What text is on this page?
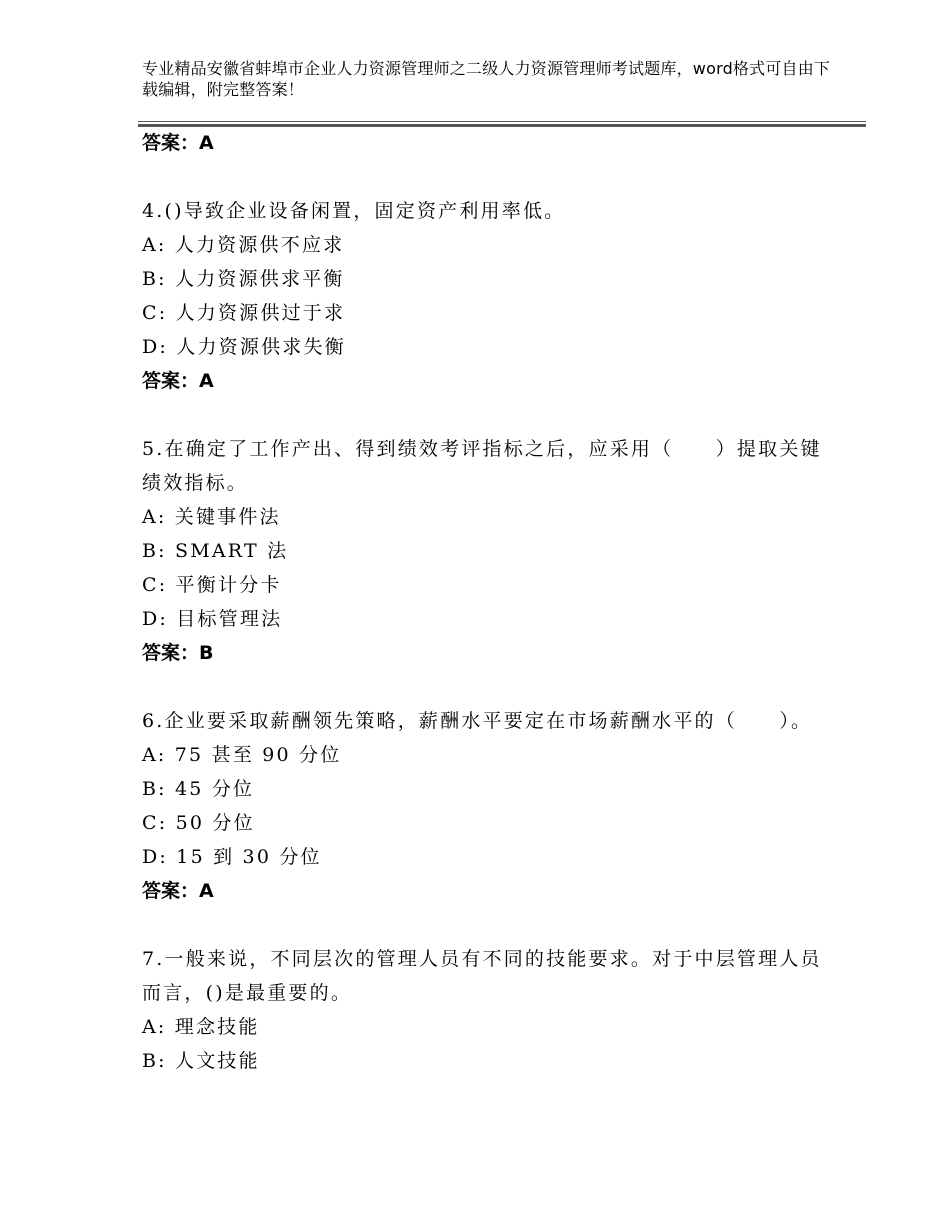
专业精品安徽省蚌埠市企业人力资源管理师之二级人力资源管理师考试题库，word格式可自由下载编辑，附完整答案！
答案：A
4.()导致企业设备闲置，固定资产利用率低。
A: 人力资源供不应求
B: 人力资源供求平衡
C: 人力资源供过于求
D: 人力资源供求失衡
答案：A
5.在确定了工作产出、得到绩效考评指标之后，应采用（　　）提取关键绩效指标。
A: 关键事件法
B: SMART 法
C: 平衡计分卡
D: 目标管理法
答案：B
6.企业要采取薪酬领先策略，薪酬水平要定在市场薪酬水平的（　　）。
A: 75 甚至 90 分位
B: 45 分位
C: 50 分位
D: 15 到 30 分位
答案：A
7.一般来说，不同层次的管理人员有不同的技能要求。对于中层管理人员而言，()是最重要的。
A: 理念技能
B: 人文技能
